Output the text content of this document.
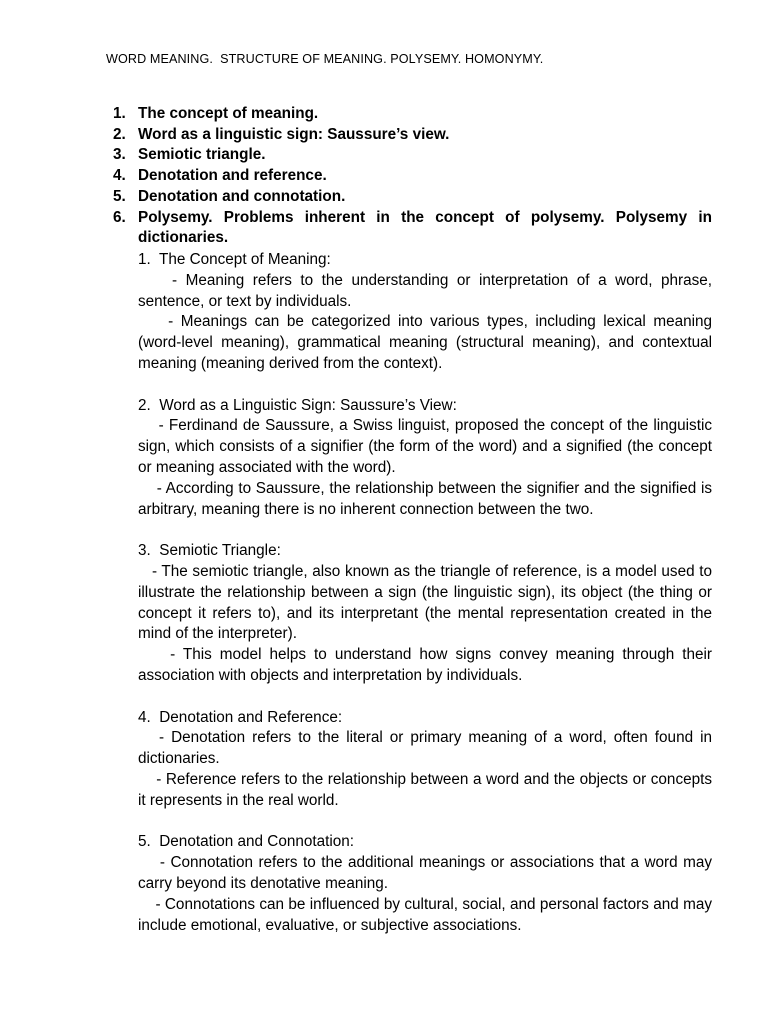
WORD MEANING.  STRUCTURE OF MEANING. POLYSEMY. HOMONYMY.
1. The concept of meaning.
2. Word as a linguistic sign: Saussure’s view.
3. Semiotic triangle.
4. Denotation and reference.
5. Denotation and connotation.
6. Polysemy. Problems inherent in the concept of polysemy. Polysemy in dictionaries.

1.  The Concept of Meaning:

- Meaning refers to the understanding or interpretation of a word, phrase, sentence, or text by individuals.

- Meanings can be categorized into various types, including lexical meaning (word-level meaning), grammatical meaning (structural meaning), and contextual meaning (meaning derived from the context).

2.  Word as a Linguistic Sign: Saussure’s View:

- Ferdinand de Saussure, a Swiss linguist, proposed the concept of the linguistic sign, which consists of a signifier (the form of the word) and a signified (the concept or meaning associated with the word).

- According to Saussure, the relationship between the signifier and the signified is arbitrary, meaning there is no inherent connection between the two.

3.  Semiotic Triangle:

- The semiotic triangle, also known as the triangle of reference, is a model used to illustrate the relationship between a sign (the linguistic sign), its object (the thing or concept it refers to), and its interpretant (the mental representation created in the mind of the interpreter).

- This model helps to understand how signs convey meaning through their association with objects and interpretation by individuals.

4.  Denotation and Reference:

- Denotation refers to the literal or primary meaning of a word, often found in dictionaries.

- Reference refers to the relationship between a word and the objects or concepts it represents in the real world.

5.  Denotation and Connotation:

- Connotation refers to the additional meanings or associations that a word may carry beyond its denotative meaning.

- Connotations can be influenced by cultural, social, and personal factors and may include emotional, evaluative, or subjective associations.
